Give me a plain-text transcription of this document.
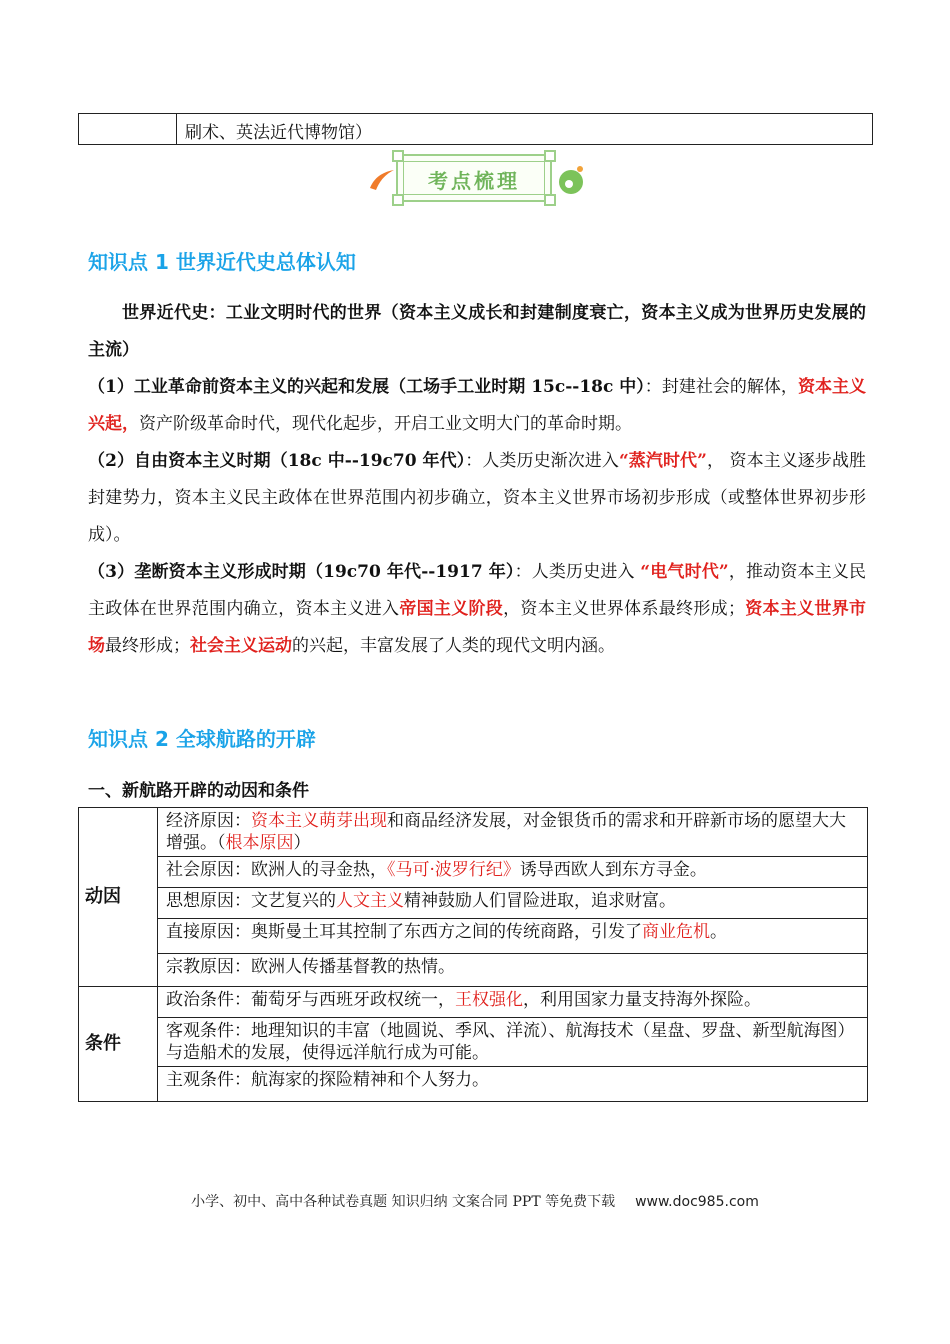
刷术、英法近代博物馆）
考点梳理
知识点 1 世界近代史总体认知

世界近代史：工业文明时代的世界（资本主义成长和封建制度衰亡，资本主义成为世界历史发展的主流）

（1）工业革命前资本主义的兴起和发展（工场手工业时期 15c--18c 中）：封建社会的解体，资本主义兴起，资产阶级革命时代，现代化起步，开启工业文明大门的革命时期。

（2）自由资本主义时期（18c 中--19c70 年代）：人类历史渐次进入“蒸汽时代”， 资本主义逐步战胜封建势力，资本主义民主政体在世界范围内初步确立，资本主义世界市场初步形成（或整体世界初步形成）。

（3）垄断资本主义形成时期（19c70 年代--1917 年）：人类历史进入 “电气时代”，推动资本主义民主政体在世界范围内确立，资本主义进入帝国主义阶段，资本主义世界体系最终形成；资本主义世界市场最终形成；社会主义运动的兴起，丰富发展了人类的现代文明内涵。

知识点 2 全球航路的开辟
一、新航路开辟的动因和条件
动因	经济原因：资本主义萌芽出现和商品经济发展，对金银货币的需求和开辟新市场的愿望大大增强。（根本原因）
	社会原因：欧洲人的寻金热，《马可·波罗行纪》诱导西欧人到东方寻金。
	思想原因：文艺复兴的人文主义精神鼓励人们冒险进取，追求财富。
	直接原因：奥斯曼土耳其控制了东西方之间的传统商路，引发了商业危机。
	宗教原因：欧洲人传播基督教的热情。
条件	政治条件：葡萄牙与西班牙政权统一，王权强化，利用国家力量支持海外探险。
	客观条件：地理知识的丰富（地圆说、季风、洋流）、航海技术（星盘、罗盘、新型航海图）与造船术的发展，使得远洋航行成为可能。
	主观条件：航海家的探险精神和个人努力。
小学、初中、高中各种试卷真题 知识归纳 文案合同 PPT 等免费下载 www.doc985.com
